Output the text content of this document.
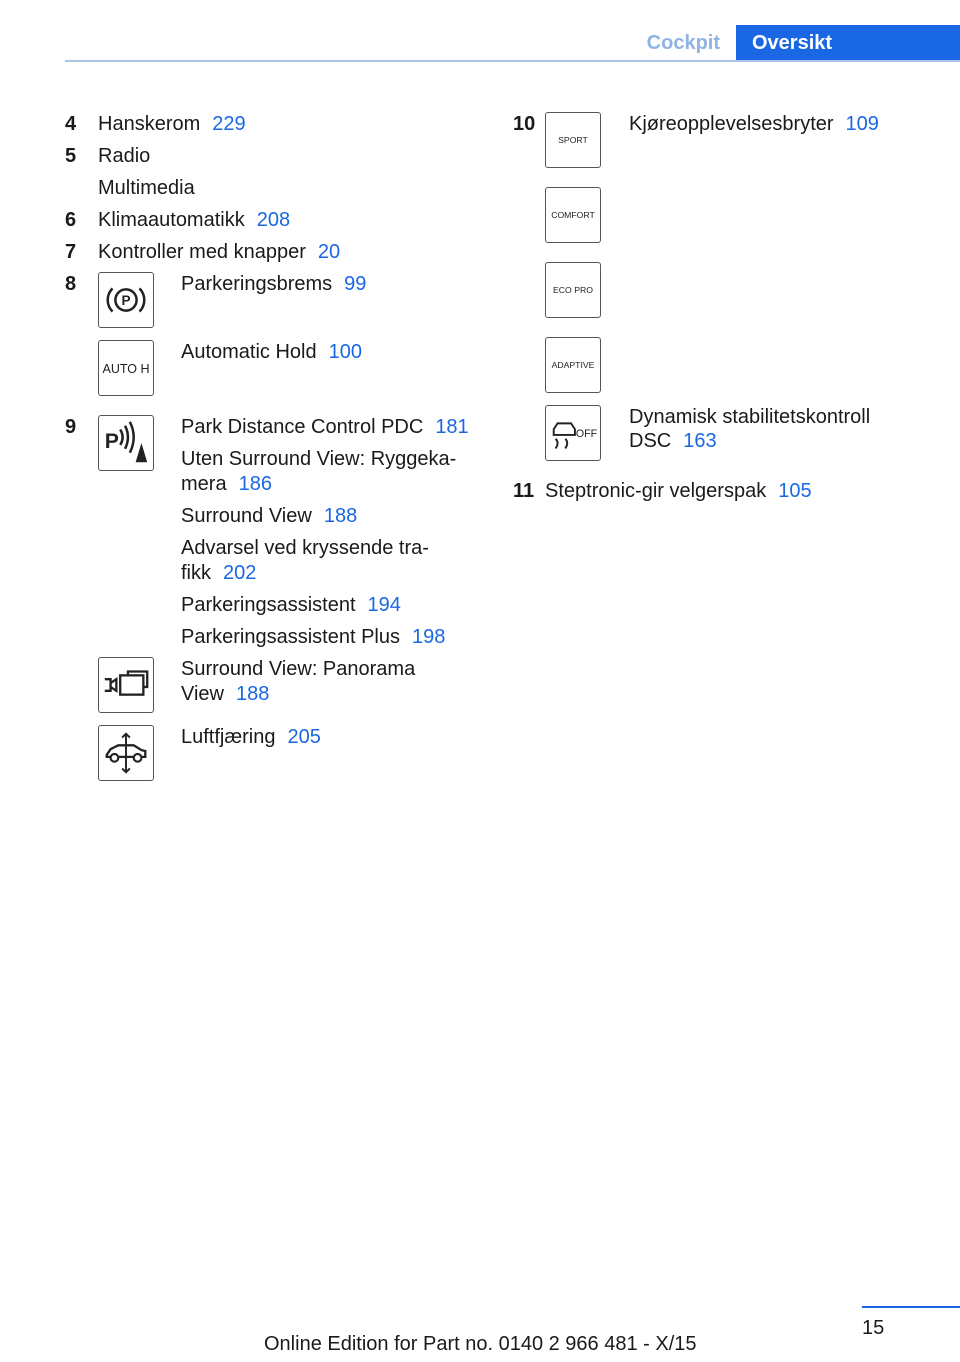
Cockpit	Oversikt
4 Hanskerom 229
5 Radio
Multimedia
6 Klimaautomatikk 208
7 Kontroller med knapper 20
8
P
Parkeringsbrems 99
AUTO H
Automatic Hold 100
9
P
Park Distance Control PDC 181
Uten Surround View: Ryggeka-
mera 186
Surround View 188
Advarsel ved kryssende tra-
fikk 202
Parkeringsassistent 194
Parkeringsassistent Plus 198
Surround View: Panorama
View 188
Luftfjæring 205
10
SPORT
Kjøreopplevelsesbryter 109
COMFORT
ECO PRO
ADAPTIVE
OFF
Dynamisk stabilitetskontroll
DSC 163
11 Steptronic-gir velgerspak 105
15
Online Edition for Part no. 0140 2 966 481 - X/15
